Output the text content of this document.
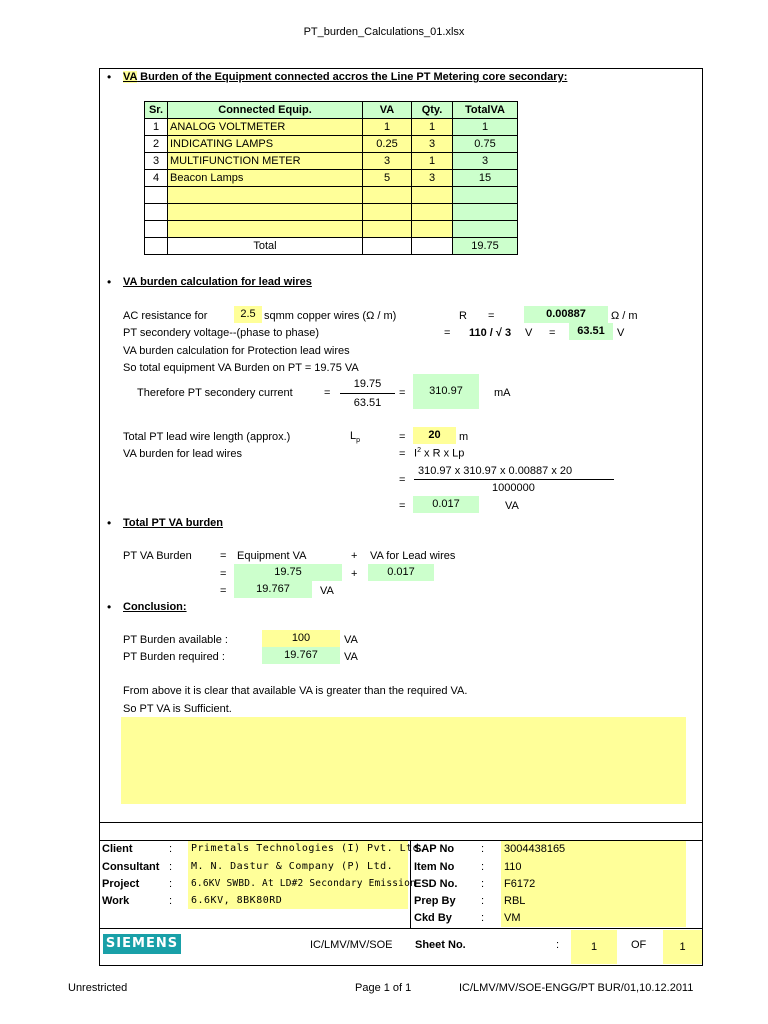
PT_burden_Calculations_01.xlsx
• VA Burden of the Equipment connected accros the Line PT Metering core secondary:
Sr.	Connected Equip.	VA	Qty.	TotalVA
1	ANALOG VOLTMETER	1	1	1
2	INDICATING LAMPS	0.25	3	0.75
3	MULTIFUNCTION METER	3	1	3
4	Beacon Lamps	5	3	15

	Total			19.75
• VA burden calculation for lead wires
AC resistance for	2.5 sqmm copper wires (Ω / m)	R =	0.00887	Ω / m
PT secondery voltage--(phase to phase)	= 110 / √ 3 V =	63.51	V
VA burden calculation for Protection lead wires
So total equipment VA Burden on PT = 19.75 VA
Therefore PT secondery current	=
19.75
63.51
=	310.97	mA
Total PT lead wire length (approx.)	$L_p$	=	20	m
VA burden for lead wires	= $I^2$ x R x Lp
=
310.97 x 310.97 x 0.00887 x 20
1000000
=	0.017	VA
• Total PT VA burden
PT VA Burden	= Equipment VA	+ VA for Lead wires
=	19.75	+	0.017
=	19.767	VA
• Conclusion:
PT Burden available :	100	VA
PT Burden required :	19.767	VA
From above it is clear that available VA is greater than the required VA.
So PT VA is Sufficient.
Client	: Primetals Technologies (I) Pvt. Ltd.
Consultant : M. N. Dastur & Company (P) Ltd.
Project	: 6.6KV SWBD. At LD#2 Secondary Emission
Work	: 6.6KV, 8BK80RD
SAP No : 3004438165
Item No : 110
ESD No. : F6172
Prep By : RBL
Ckd By	: VM
SIEMENS	IC/LMV/MV/SOE Sheet No.	:	1	OF	1
Unrestricted	Page 1 of 1	IC/LMV/MV/SOE-ENGG/PT BUR/01,10.12.2011
